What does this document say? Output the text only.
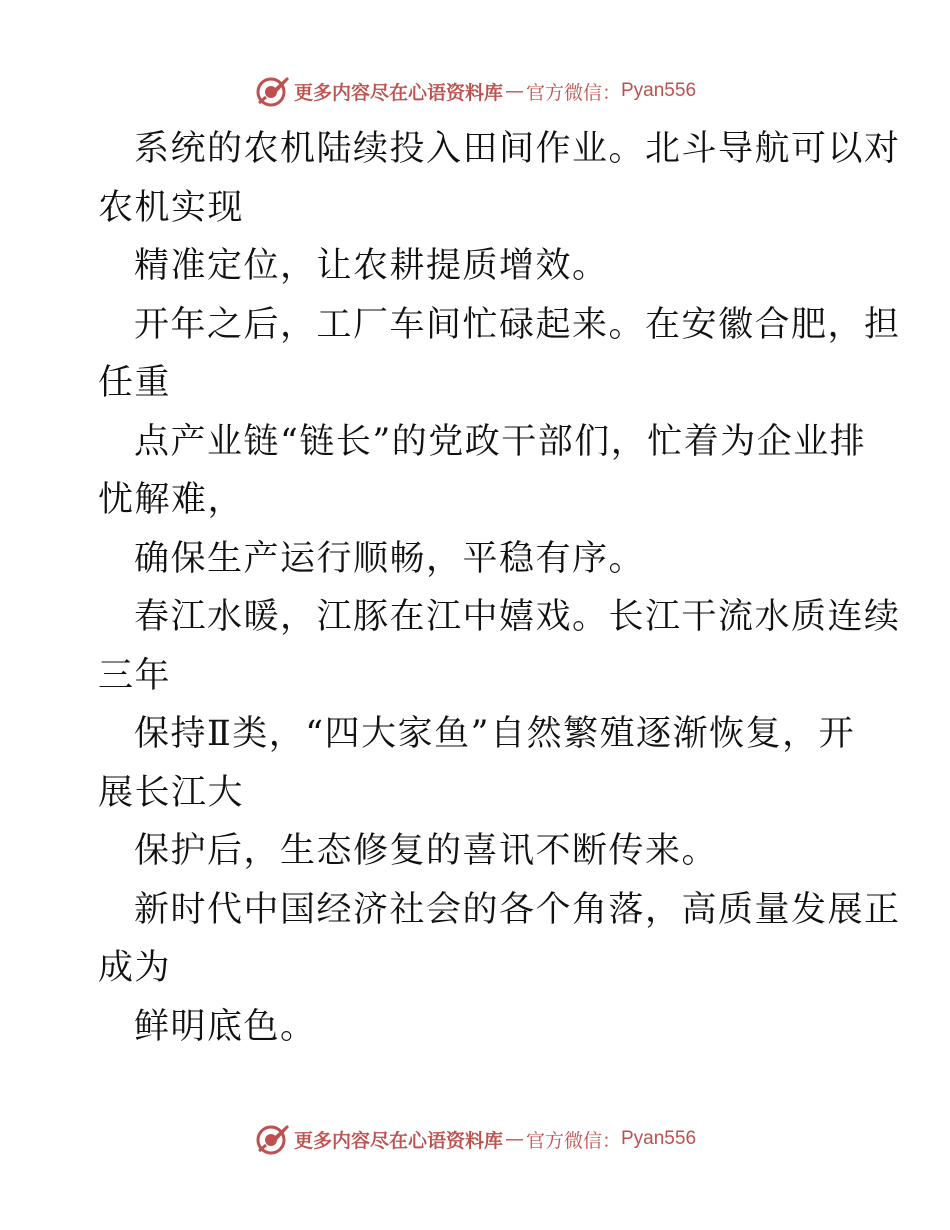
更多内容尽在心语资料库 — 官方微信： Pyan556
系统的农机陆续投入田间作业。北斗导航可以对
农机实现
精准定位，让农耕提质增效。
开年之后，工厂车间忙碌起来。在安徽合肥，担
任重
点产业链“链长”的党政干部们，忙着为企业排
忧解难，
确保生产运行顺畅，平稳有序。
春江水暖，江豚在江中嬉戏。长江干流水质连续
三年
保持Ⅱ类，“四大家鱼”自然繁殖逐渐恢复，开
展长江大
保护后，生态修复的喜讯不断传来。
新时代中国经济社会的各个角落，高质量发展正
成为
鲜明底色。
更多内容尽在心语资料库 — 官方微信： Pyan556
